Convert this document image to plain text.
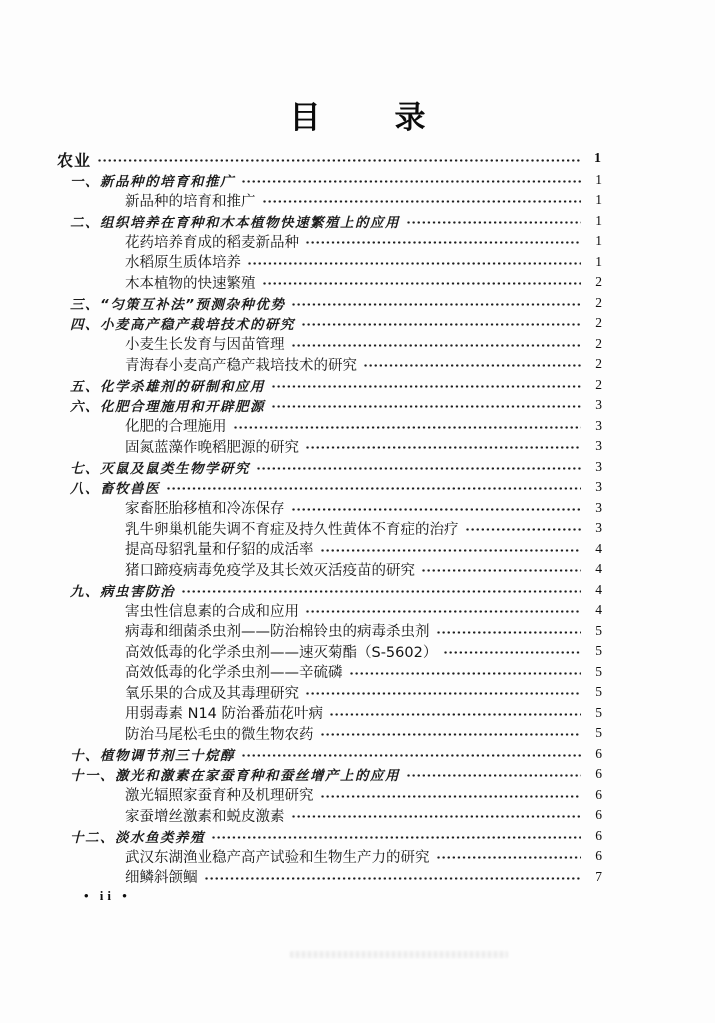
目 录
农业	1
一、新品种的培育和推广	1
新品种的培育和推广	1
二、组织培养在育种和木本植物快速繁殖上的应用	1
花药培养育成的稻麦新品种	1
水稻原生质体培养	1
木本植物的快速繁殖	2
三、“匀策互补法”预测杂种优势	2
四、小麦高产稳产栽培技术的研究	2
小麦生长发育与因苗管理	2
青海春小麦高产稳产栽培技术的研究	2
五、化学杀雄剂的研制和应用	2
六、化肥合理施用和开辟肥源	3
化肥的合理施用	3
固氮蓝藻作晚稻肥源的研究	3
七、灭鼠及鼠类生物学研究	3
八、畜牧兽医	3
家畜胚胎移植和冷冻保存	3
乳牛卵巢机能失调不育症及持久性黄体不育症的治疗	3
提高母貂乳量和仔貂的成活率	4
猪口蹄疫病毒免疫学及其长效灭活疫苗的研究	4
九、病虫害防治	4
害虫性信息素的合成和应用	4
病毒和细菌杀虫剂——防治棉铃虫的病毒杀虫剂	5
高效低毒的化学杀虫剂——速灭菊酯（S-5602）	5
高效低毒的化学杀虫剂——辛硫磷	5
氧乐果的合成及其毒理研究	5
用弱毒素 N14 防治番茄花叶病	5
防治马尾松毛虫的微生物农药	5
十、植物调节剂三十烷醇	6
十一、激光和激素在家蚕育种和蚕丝增产上的应用	6
激光辐照家蚕育种及机理研究	6
家蚕增丝激素和蜕皮激素	6
十二、淡水鱼类养殖	6
武汉东湖渔业稳产高产试验和生物生产力的研究	6
细鳞斜颌鲴	7
• ii •
